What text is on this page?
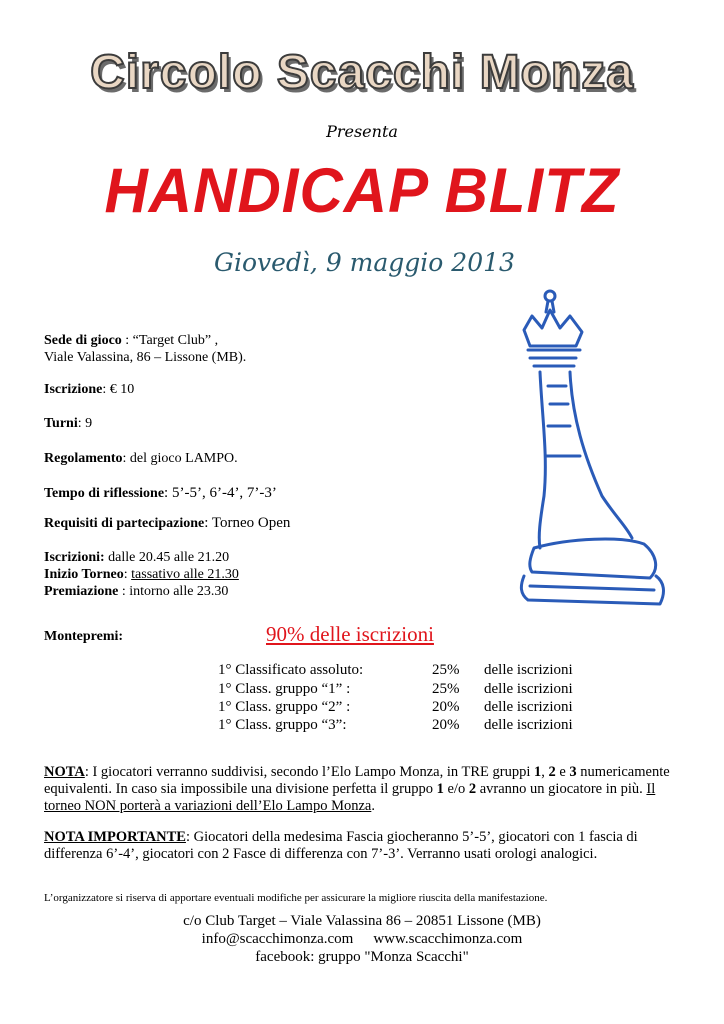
Circolo Scacchi Monza
Presenta
HANDICAP BLITZ
Giovedì, 9 maggio 2013
Sede di gioco : “Target Club” ,
Viale Valassina, 86 – Lissone (MB).
Iscrizione: € 10
Turni: 9
Regolamento: del gioco LAMPO.
Tempo di riflessione: 5’-5’, 6’-4’, 7’-3’
Requisiti di partecipazione: Torneo Open
Iscrizioni: dalle 20.45 alle 21.20
Inizio Torneo: tassativo alle 21.30
Premiazione : intorno alle 23.30
Montepremi:	90% delle iscrizioni
1° Classificato assoluto:	25%	delle iscrizioni
1° Class. gruppo “1” :	25%	delle iscrizioni
1° Class. gruppo “2” :	20%	delle iscrizioni
1° Class. gruppo “3”:	20%	delle iscrizioni
NOTA: I giocatori verranno suddivisi, secondo l’Elo Lampo Monza, in TRE gruppi 1, 2 e 3 numericamente equivalenti. In caso sia impossibile una divisione perfetta il gruppo 1 e/o 2 avranno un giocatore in più. Il torneo NON porterà a variazioni dell’Elo Lampo Monza.
NOTA IMPORTANTE: Giocatori della medesima Fascia giocheranno 5’-5’, giocatori con 1 fascia di differenza 6’-4’, giocatori con 2 Fasce di differenza con 7’-3’. Verranno usati orologi analogici.
L’organizzatore si riserva di apportare eventuali modifiche per assicurare la migliore riuscita della manifestazione.
c/o Club Target – Viale Valassina 86 – 20851 Lissone (MB)
info@scacchimonza.com www.scacchimonza.com
facebook: gruppo "Monza Scacchi"
